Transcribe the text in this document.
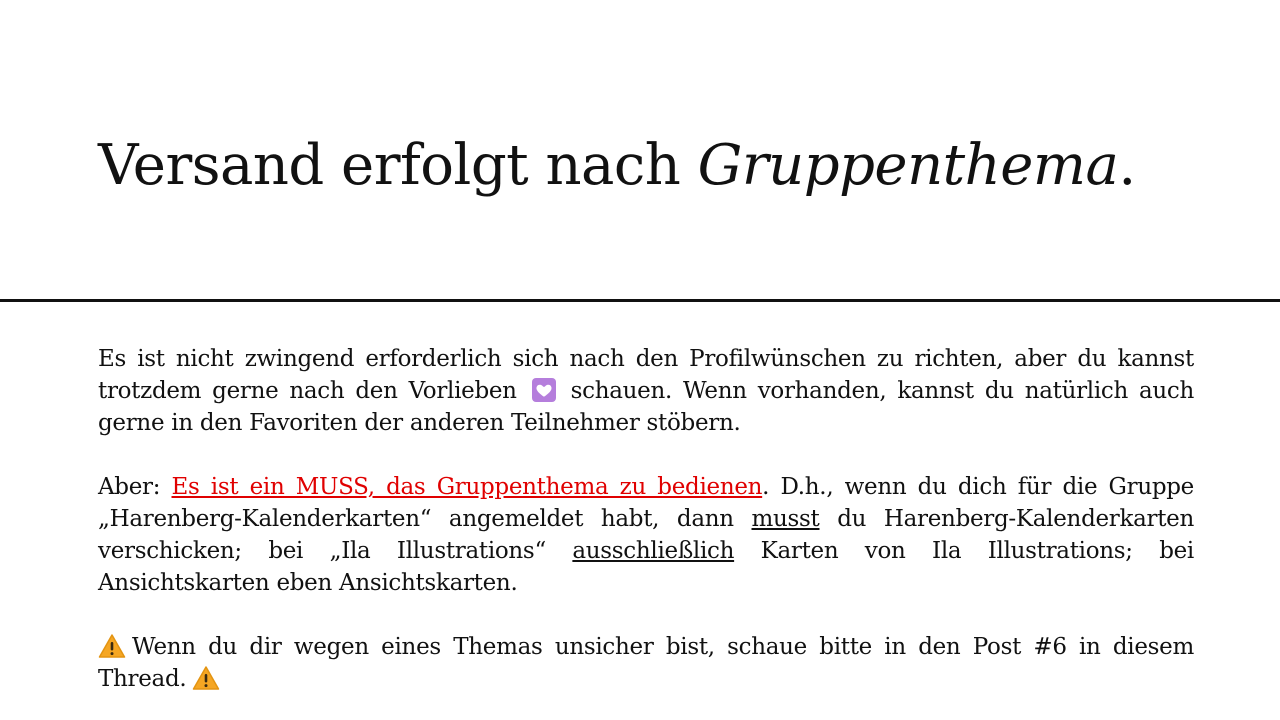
Versand erfolgt nach Gruppenthema.

Es ist nicht zwingend erforderlich sich nach den Profilwünschen zu richten, aber du kannst trotzdem gerne nach den Vorlieben schauen. Wenn vorhanden, kannst du natürlich auch gerne in den Favoriten der anderen Teilnehmer stöbern.

Aber: Es ist ein MUSS, das Gruppenthema zu bedienen. D.h., wenn du dich für die Gruppe „Harenberg-Kalenderkarten“ angemeldet habt, dann musst du Harenberg-Kalenderkarten verschicken; bei „Ila Illustrations“ ausschließlich Karten von Ila Illustrations; bei Ansichtskarten eben Ansichtskarten.

Wenn du dir wegen eines Themas unsicher bist, schaue bitte in den Post #6 in diesem Thread.
